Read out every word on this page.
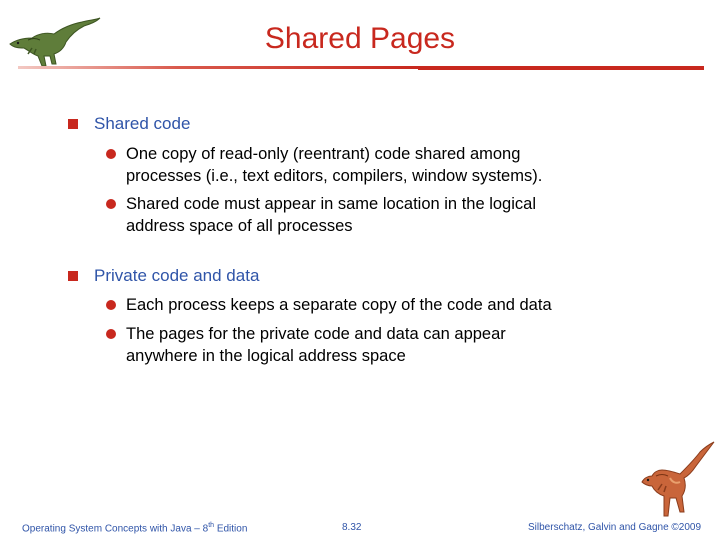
Shared Pages
Shared code
One copy of read-only (reentrant) code shared among
processes (i.e., text editors, compilers, window systems).
Shared code must appear in same location in the logical
address space of all processes
Private code and data
Each process keeps a separate copy of the code and data
The pages for the private code and data can appear
anywhere in the logical address space
Operating System Concepts with Java – 8th Edition	8.32	Silberschatz, Galvin and Gagne ©2009
